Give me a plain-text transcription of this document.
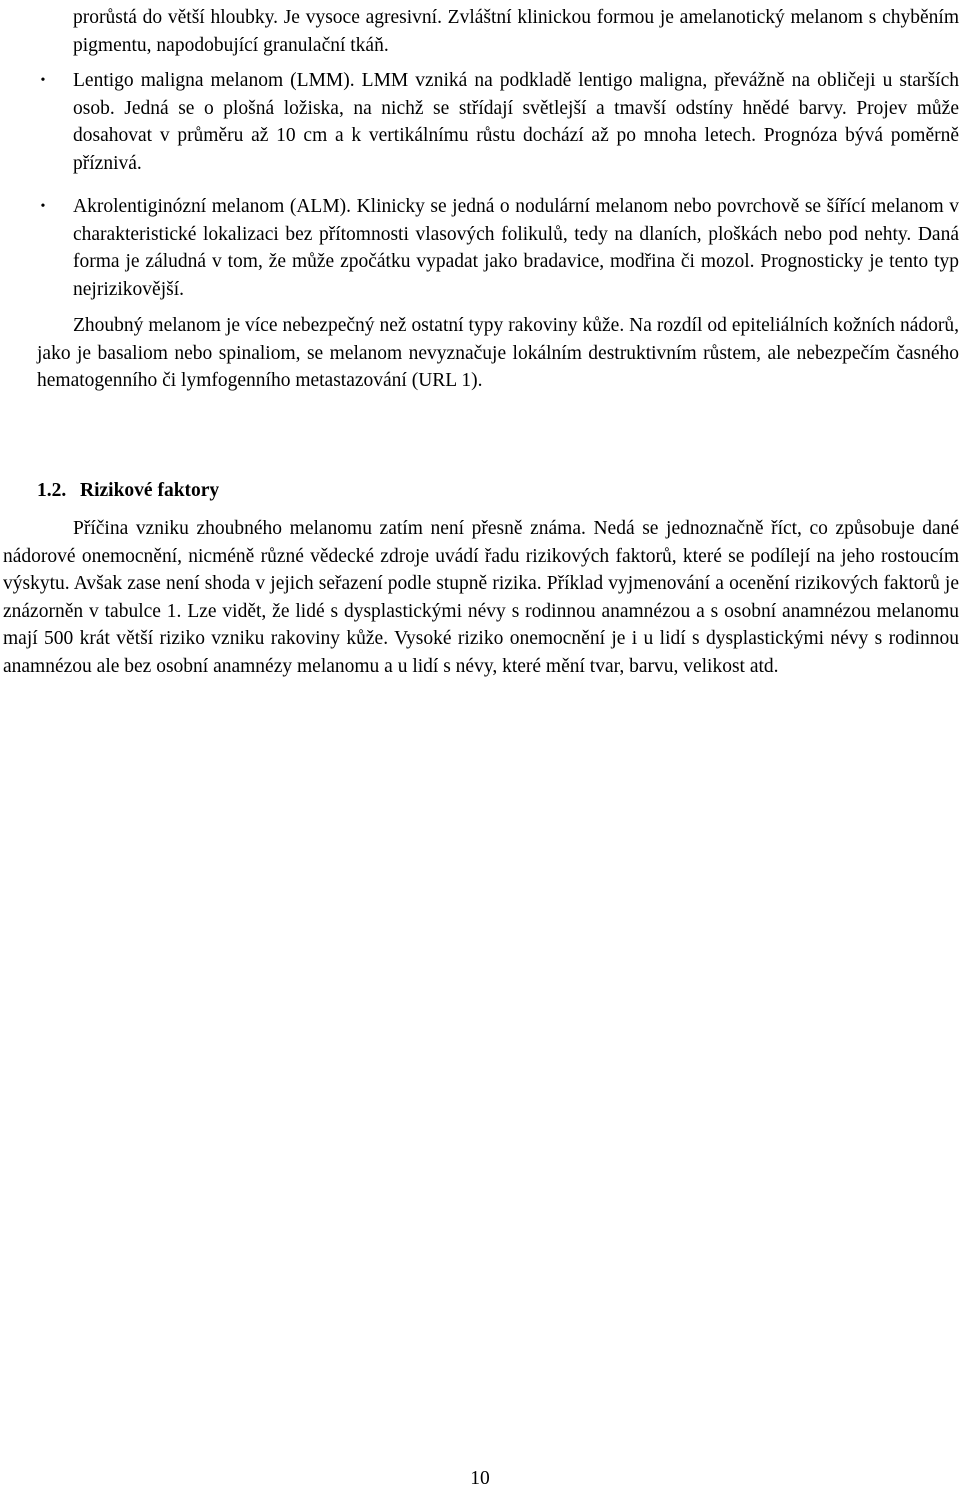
prorůstá do větší hloubky. Je vysoce agresivní. Zvláštní klinickou formou je amelanotický melanom s chyběním pigmentu, napodobující granulační tkáň.

• Lentigo maligna melanom (LMM). LMM vzniká na podkladě lentigo maligna, převážně na obličeji u starších osob. Jedná se o plošná ložiska, na nichž se střídají světlejší a tmavší odstíny hnědé barvy. Projev může dosahovat v průměru až 10 cm a k vertikálnímu růstu dochází až po mnoha letech. Prognóza bývá poměrně příznivá.

• Akrolentiginózní melanom (ALM). Klinicky se jedná o nodulární melanom nebo povrchově se šířící melanom v charakteristické lokalizaci bez přítomnosti vlasových folikulů, tedy na dlaních, ploškách nebo pod nehty. Daná forma je záludná v tom, že může zpočátku vypadat jako bradavice, modřina či mozol. Prognosticky je tento typ nejrizikovější.

Zhoubný melanom je více nebezpečný než ostatní typy rakoviny kůže. Na rozdíl od epiteliálních kožních nádorů, jako je basaliom nebo spinaliom, se melanom nevyznačuje lokálním destruktivním růstem, ale nebezpečím časného hematogenního či lymfogenního metastazování (URL 1).

1.2. Rizikové faktory

Příčina vzniku zhoubného melanomu zatím není přesně známa. Nedá se jednoznačně říct, co způsobuje dané nádorové onemocnění, nicméně různé vědecké zdroje uvádí řadu rizikových faktorů, které se podílejí na jeho rostoucím výskytu. Avšak zase není shoda v jejich seřazení podle stupně rizika. Příklad vyjmenování a ocenění rizikových faktorů je znázorněn v tabulce 1. Lze vidět, že lidé s dysplastickými névy s rodinnou anamnézou a s osobní anamnézou melanomu mají 500 krát větší riziko vzniku rakoviny kůže. Vysoké riziko onemocnění je i u lidí s dysplastickými névy s rodinnou anamnézou ale bez osobní anamnézy melanomu a u lidí s névy, které mění tvar, barvu, velikost atd.

10
